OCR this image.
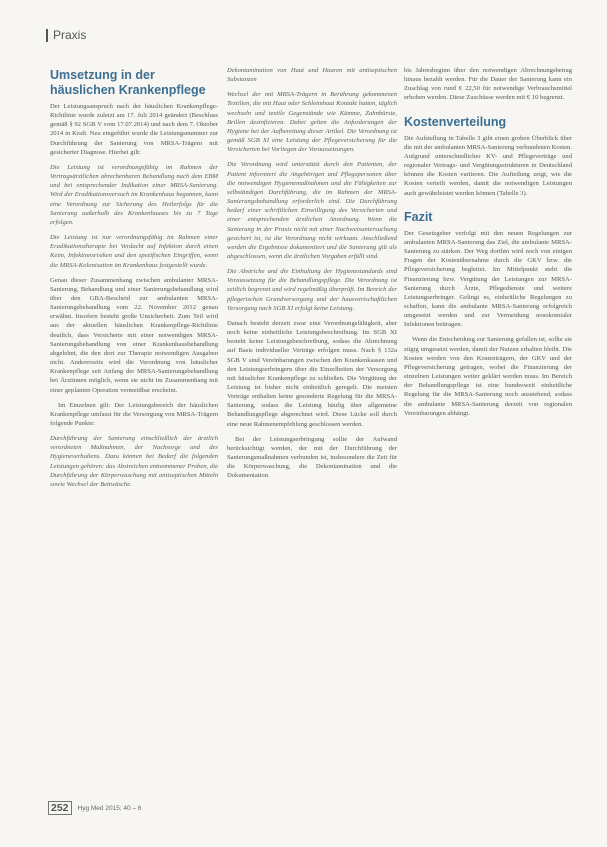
Praxis
Umsetzung in der häuslichen Krankenpflege

Der Leistungsanspruch nach der häuslichen Krankenpflege-Richtlinie wurde zuletzt am 17. Juli 2014 geändert (Beschluss gemäß § 92 SGB V vom 17.07.2014) und nach dem 7. Oktober 2014 in Kraft. Neu eingeführt wurde die Leistungsnummer zur Durchführung der Sanierung von MRSA-Trägern mit gesicherter Diagnose. Hierbei gilt:

Die Leistung ist verordnungsfähig im Rahmen der Vertragsärztlichen abrechenbaren Behandlung nach dem EBM und bei entsprechender Indikation einer MRSA-Sanierung. Wird der Eradikationsversuch im Krankenhaus begonnen, kann eine Verordnung zur Sicherung des Heilerfolgs für die Sanierung außerhalb des Krankenhauses bis zu 7 Tage erfolgen.

Die Leistung ist nur verordnungsfähig im Rahmen einer Eradikationstherapie bei Verdacht auf Infektion durch einen Keim, Infektionsrisiken und den spezifischen Eingriffen, wenn die MRSA-Kolonisation im Krankenhaus festgestellt wurde.

Genau dieser Zusammenhang zwischen ambulanter MRSA-Sanierung, Behandlung und einer Sanierungsbehandlung wird über den GBA-Bescheid zur ambulanten MRSA-Sanierungsbehandlung vom 22. November 2012 genau erwähnt. Insofern besteht große Unsicherheit. Zum Teil wird aus der aktuellen häuslichen Krankenpflege-Richtlinie deutlich, dass Versicherte mit einer notwendigen MRSA-Sanierungsbehandlung von einer Krankenhausbehandlung abgelehnt, die den dort zur Therapie notwendigen Ausgaben nicht. Andererseits wird die Verordnung von häuslicher Krankenpflege seit Anfang der MRSA-Sanierungsbehandlung bei Ärztinnen möglich, wenn sie nicht im Zusammenhang mit einer geplanten Operation vermeidbar erscheint.

Im Einzelnen gilt: Der Leistungsbereich der häuslichen Krankenpflege umfasst für die Versorgung von MRSA-Trägern folgende Punkte:

Durchführung der Sanierung einschließlich der ärztlich verordneten Maßnahmen, der Nachsorge und des Hygieneverhaltens. Dazu können bei Bedarf die folgenden Leistungen gehören: das Abstreichen entnommener Proben, die Durchführung der Körperwaschung mit antiseptischen Mitteln sowie Wechsel der Bettwäsche.

Dekontamination von Haut und Haaren mit antiseptischen Substanzen

Wechsel der mit MRSA-Trägern in Berührung gekommenen Textilien, die mit Haut oder Schleimhaut Kontakt hatten, täglich wechseln und textile Gegenstände wie Kämme, Zahnbürste, Brillen desinfizieren. Dabei gelten die Anforderungen der Hygiene bei der Aufbereitung dieser Artikel. Die Verordnung ist gemäß SGB XI eine Leistung der Pflegeversicherung für die Versicherten bei Vorliegen der Voraussetzungen.

Die Verordnung wird unterstützt durch den Patienten, der Patient informiert die Angehörigen und Pflegepersonen über die notwendigen Hygienemaßnahmen und die Fähigkeiten zur selbständigen Durchführung, die im Rahmen der MRSA-Sanierungsbehandlung erforderlich sind. Die Durchführung bedarf einer schriftlichen Einwilligung des Versicherten und einer entsprechenden ärztlichen Anordnung. Wenn die Sanierung in der Praxis nicht mit einer Nachweisuntersuchung gesichert ist, ist die Verordnung nicht wirksam. Anschließend werden die Ergebnisse dokumentiert und die Sanierung gilt als abgeschlossen, wenn die ärztlichen Vorgaben erfüllt sind.

Die Abstriche und die Einhaltung der Hygienestandards sind Voraussetzung für die Behandlungspflege. Die Verordnung ist zeitlich begrenzt und wird regelmäßig überprüft. Im Bereich der pflegerischen Grundversorgung und der hauswirtschaftlichen Versorgung nach SGB XI erfolgt keine Leistung.

Danach besteht derzeit zwar eine Verordnungsfähigkeit, aber noch keine einheitliche Leistungsbeschreibung. Im SGB XI besteht keine Leistungsbeschreibung, sodass die Abrechnung auf Basis individueller Verträge erfolgen muss. Nach § 132a SGB V sind Vereinbarungen zwischen den Krankenkassen und den Leistungserbringern über die Einzelheiten der Versorgung mit häuslicher Krankenpflege zu schließen. Die Vergütung der Leistung ist bisher nicht einheitlich geregelt. Die meisten Verträge enthalten keine gesonderte Regelung für die MRSA-Sanierung, sodass die Leistung häufig über allgemeine Behandlungspflege abgerechnet wird. Diese Lücke soll durch eine neue Rahmenempfehlung geschlossen werden.

Bei der Leistungserbringung sollte der Aufwand berücksichtigt werden, der mit der Durchführung der Sanierungsmaßnahmen verbunden ist, insbesondere die Zeit für die Körperwaschung, die Dekontamination und die Dokumentation.

bis Jahresbeginn über den notwendigen Abrechnungsbetrag hinaus bezahlt werden. Für die Dauer der Sanierung kann ein Zuschlag von rund € 22,50 für notwendige Verbrauchsmittel erhoben werden. Diese Zuschüsse werden mit € 10 begrenzt.

Kostenverteilung

Die Aufstellung in Tabelle 3 gibt einen groben Überblick über die mit der ambulanten MRSA-Sanierung verbundenen Kosten. Aufgrund unterschiedlicher KV- und Pflegeverträge und regionaler Vertrags- und Vergütungsstrukturen in Deutschland können die Kosten variieren. Die Aufteilung zeigt, wie die Kosten verteilt werden, damit die notwendigen Leistungen auch gewährleistet werden können (Tabelle 3).

Fazit

Der Gesetzgeber verfolgt mit den neuen Regelungen zur ambulanten MRSA-Sanierung das Ziel, die ambulante MRSA-Sanierung zu stärken. Der Weg dorthin wird noch von einigen Fragen der Kostenübernahme durch die GKV bzw. die Pflegeversicherung begleitet. Im Mittelpunkt steht die Finanzierung bzw. Vergütung der Leistungen zur MRSA-Sanierung durch Ärzte, Pflegedienste und weitere Leistungserbringer. Gelingt es, einheitliche Regelungen zu schaffen, kann die ambulante MRSA-Sanierung erfolgreich umgesetzt werden und zur Vermeidung nosokomialer Infektionen beitragen.

Wenn die Entscheidung zur Sanierung gefallen ist, sollte sie zügig umgesetzt werden, damit der Nutzen erhalten bleibt. Die Kosten werden von den Kostenträgern, der GKV und der Pflegeversicherung getragen, wobei die Finanzierung der einzelnen Leistungen weiter geklärt werden muss. Im Bereich der Behandlungspflege ist eine bundesweit einheitliche Regelung für die MRSA-Sanierung noch ausstehend, sodass die ambulante MRSA-Sanierung derzeit von regionalen Vereinbarungen abhängt.

252	Hyg Med 2015; 40 – 6
